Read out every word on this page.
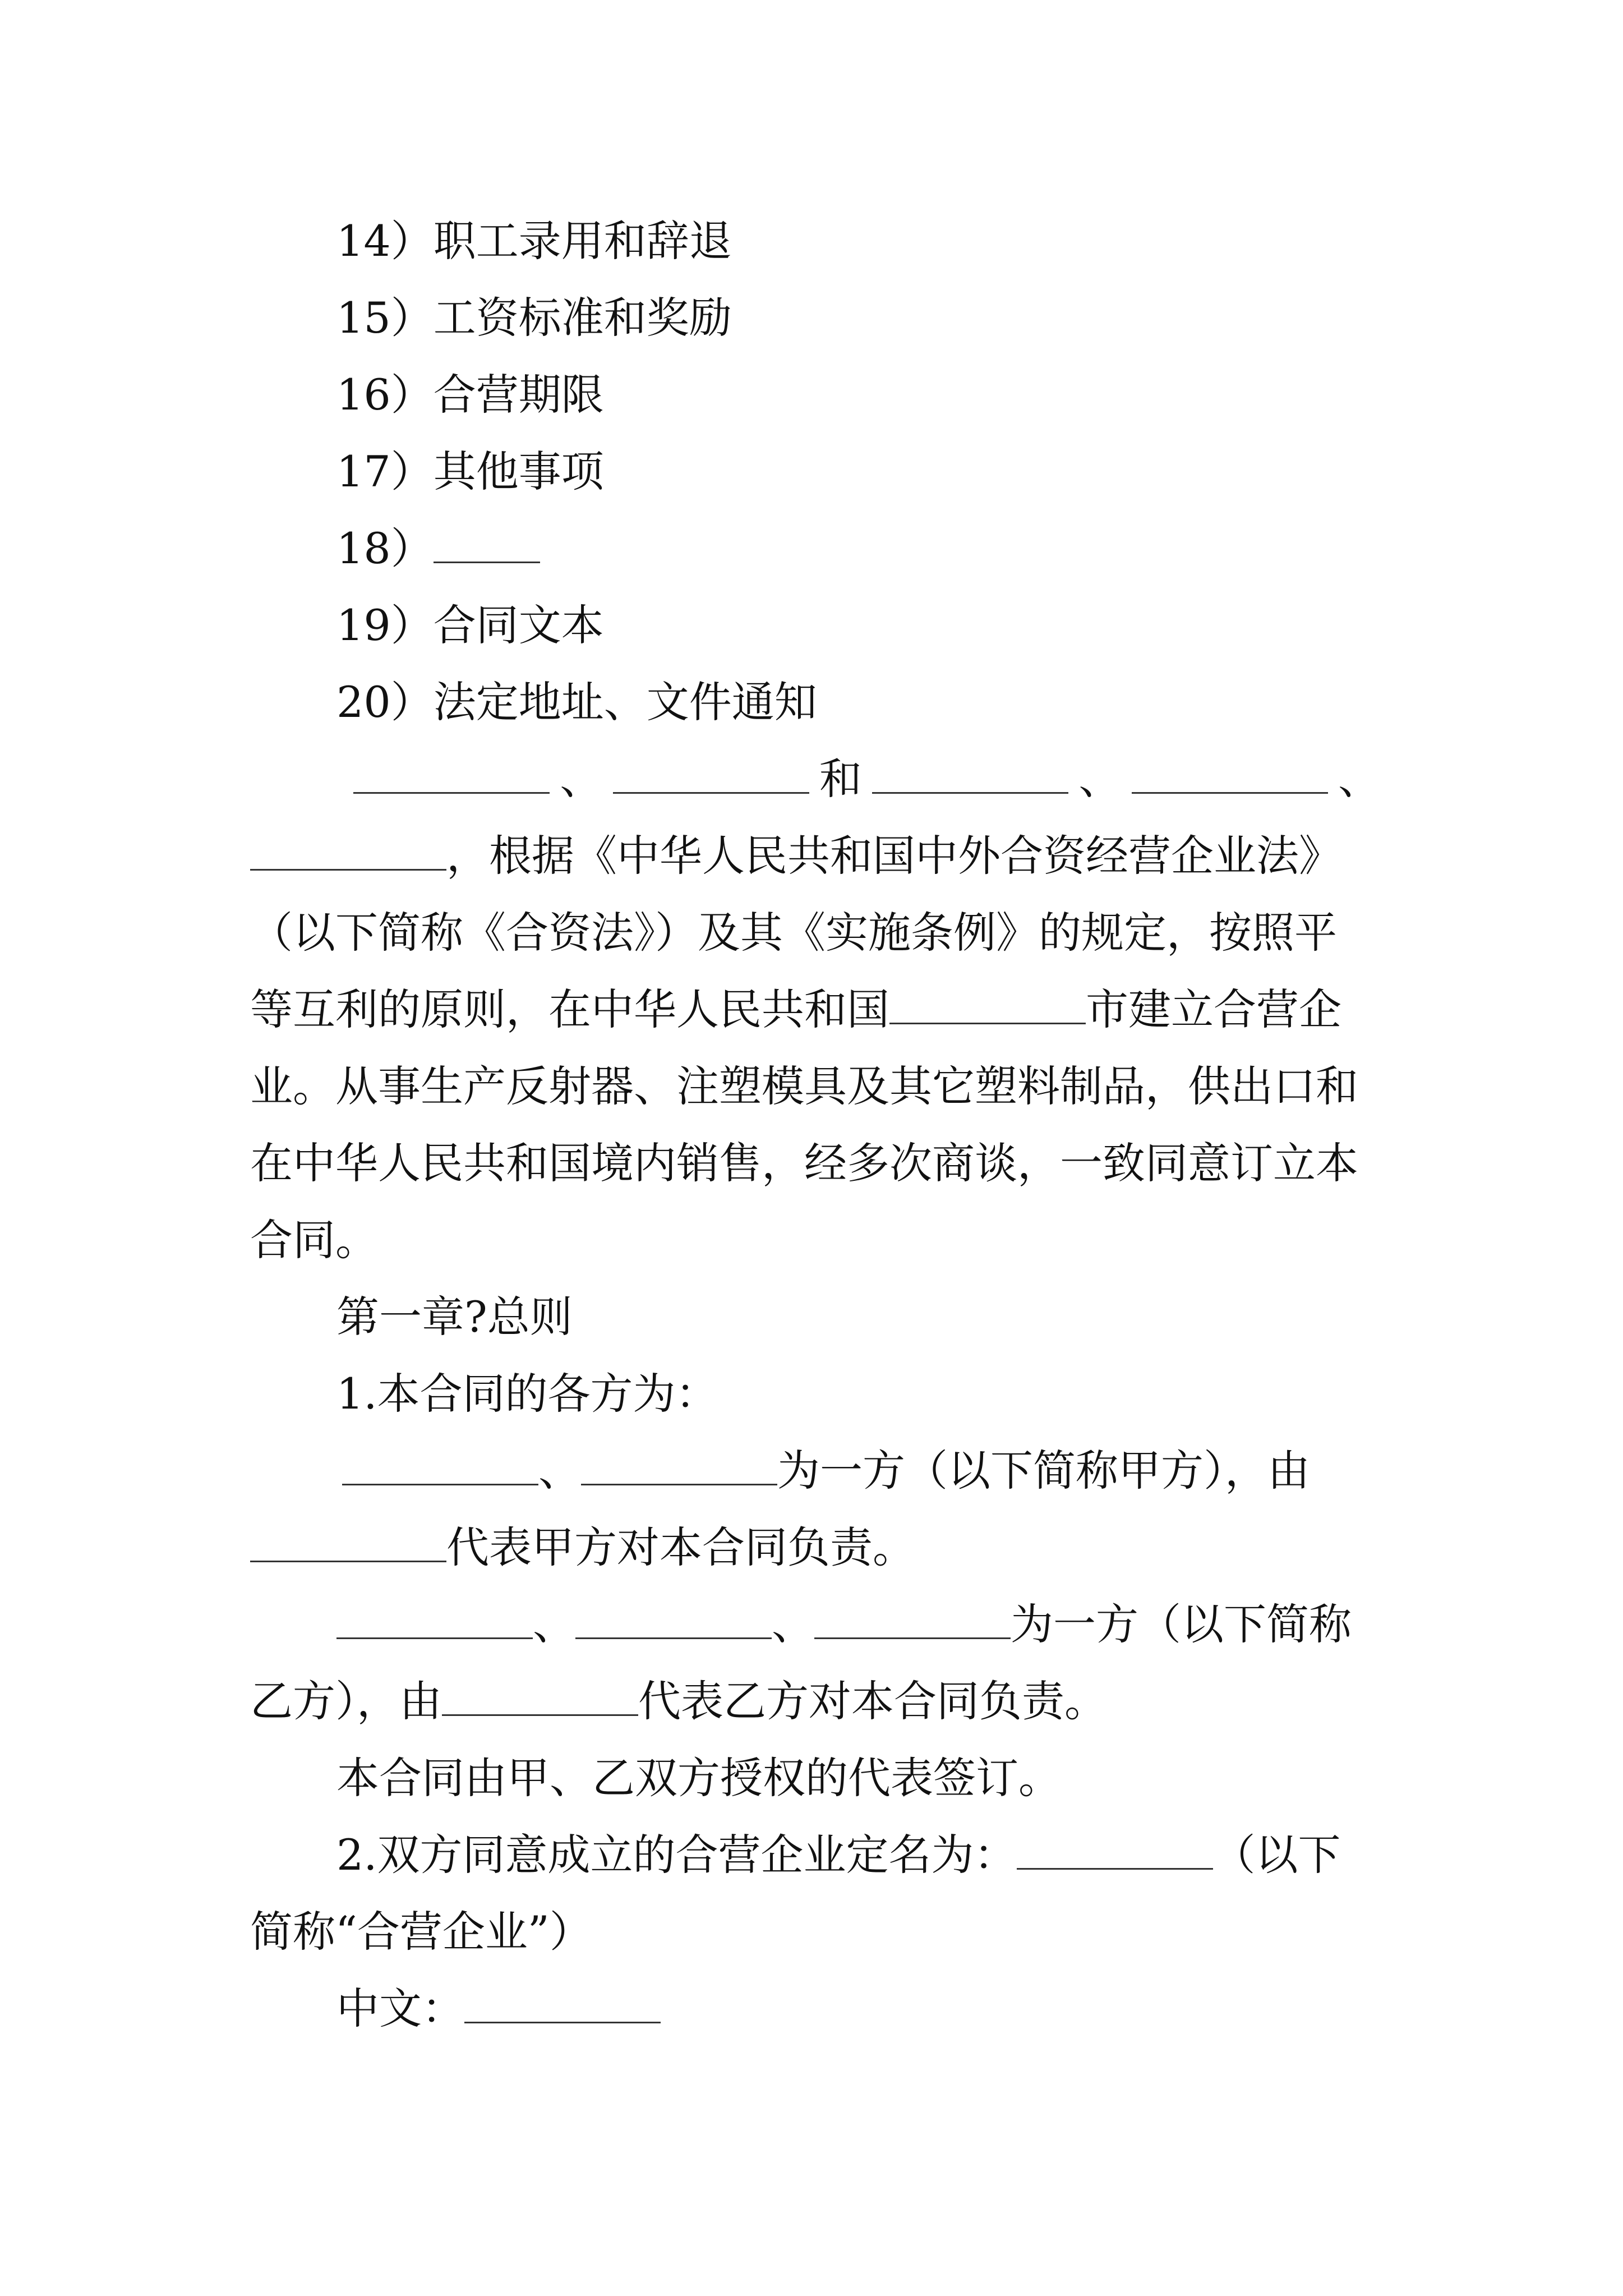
14）职工录用和辞退
15）工资标准和奖励
16）合营期限
17）其他事项
18）
19）合同文本
20）法定地址、文件通知
、	和	、	、
，根据《中华人民共和国中外合资经营企业法》
（以下简称《合资法》）及其《实施条例》的规定，按照平
等互利的原则，在中华人民共和国	市建立合营企
业。从事生产反射器、注塑模具及其它塑料制品，供出口和
在中华人民共和国境内销售，经多次商谈，一致同意订立本
合同。
第一章?总则
1.本合同的各方为：
、	为一方（以下简称甲方），由
代表甲方对本合同负责。
、	、	为一方（以下简称
乙方），由	代表乙方对本合同负责。
本合同由甲、乙双方授权的代表签订。
2.双方同意成立的合营企业定名为：	（以下
简称“合营企业”）
中文：
